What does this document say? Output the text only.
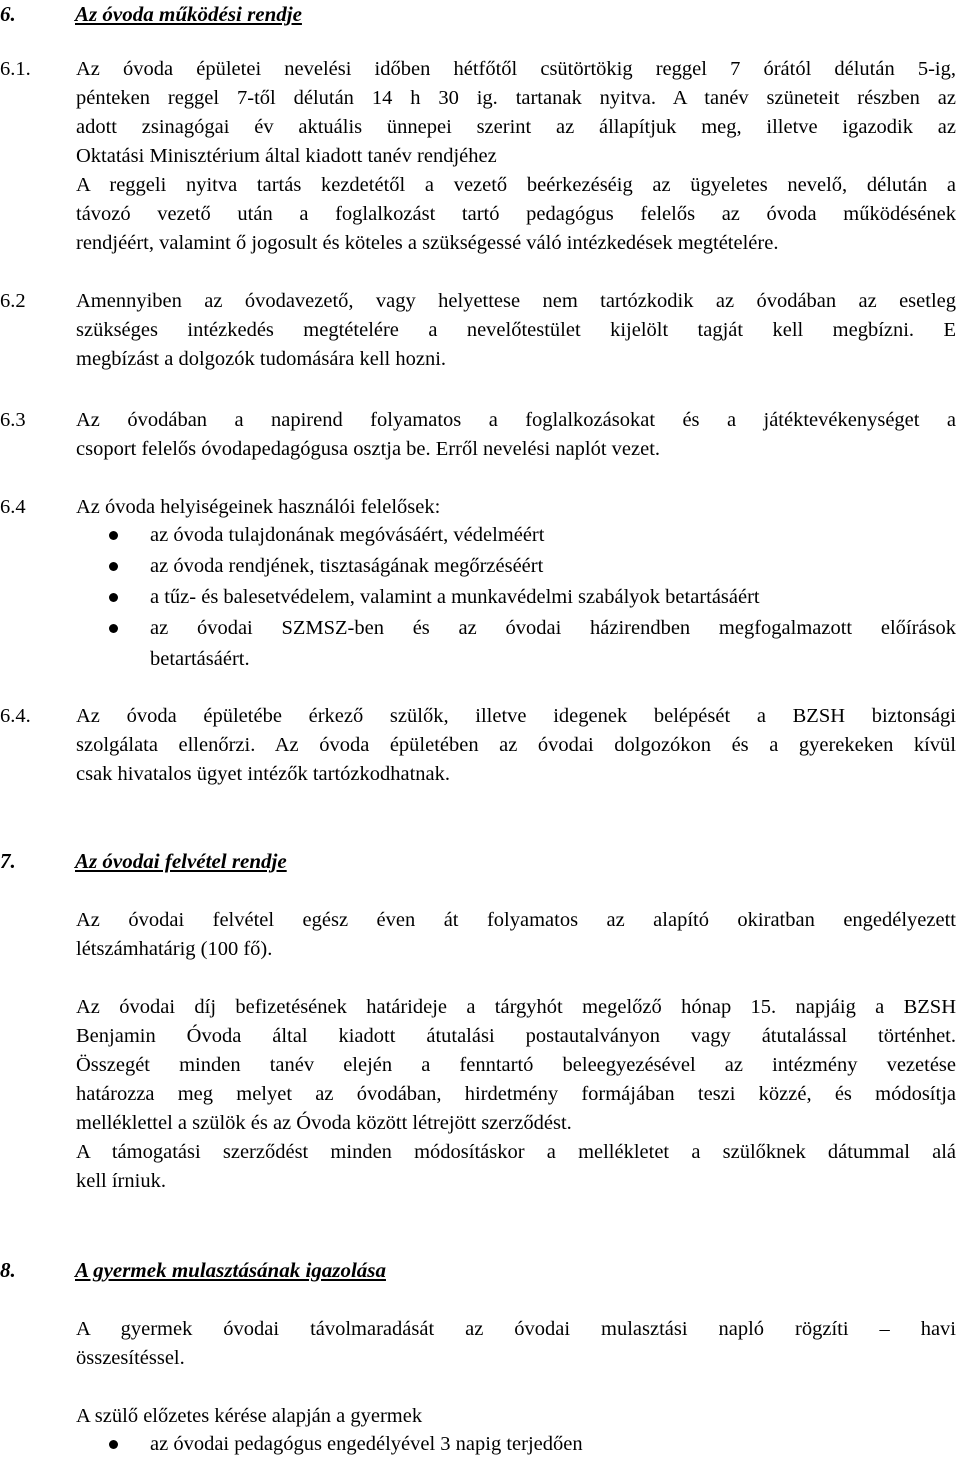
6.	Az óvoda működési rendje
6.1. Az óvoda épületei nevelési időben hétfőtől csütörtökig reggel 7 órától délután 5-ig,
pénteken reggel 7-től délután 14 h 30 ig. tartanak nyitva. A tanév szüneteit részben az
adott zsinagógai év aktuális ünnepei szerint az állapítjuk meg, illetve igazodik az
Oktatási Minisztérium által kiadott tanév rendjéhez
A reggeli nyitva tartás kezdetétől a vezető beérkezéséig az ügyeletes nevelő, délután a
távozó vezető után a foglalkozást tartó pedagógus felelős az óvoda működésének
rendjéért, valamint ő jogosult és köteles a szükségessé váló intézkedések megtételére.
6.2 Amennyiben az óvodavezető, vagy helyettese nem tartózkodik az óvodában az esetleg
szükséges intézkedés megtételére a nevelőtestület kijelölt tagját kell megbízni. E
megbízást a dolgozók tudomására kell hozni.
6.3 Az óvodában a napirend folyamatos a foglalkozásokat és a játéktevékenységet a
csoport felelős óvodapedagógusa osztja be. Erről nevelési naplót vezet.
6.4 Az óvoda helyiségeinek használói felelősek:
az óvoda tulajdonának megóvásáért, védelméért
az óvoda rendjének, tisztaságának megőrzéséért
a tűz- és balesetvédelem, valamint a munkavédelmi szabályok betartásáért
az óvodai SZMSZ-ben és az óvodai házirendben megfogalmazott előírások
betartásáért.
6.4. Az óvoda épületébe érkező szülők, illetve idegenek belépését a BZSH biztonsági
szolgálata ellenőrzi. Az óvoda épületében az óvodai dolgozókon és a gyerekeken kívül
csak hivatalos ügyet intézők tartózkodhatnak.
7.	Az óvodai felvétel rendje
Az óvodai felvétel egész éven át folyamatos az alapító okiratban engedélyezett
létszámhatárig (100 fő).
Az óvodai díj befizetésének határideje a tárgyhót megelőző hónap 15. napjáig a BZSH
Benjamin Óvoda által kiadott átutalási postautalványon vagy átutalással történhet.
Összegét minden tanév elején a fenntartó beleegyezésével az intézmény vezetése
határozza meg melyet az óvodában, hirdetmény formájában teszi közzé, és módosítja
melléklettel a szülök és az Óvoda között létrejött szerződést.
A támogatási szerződést minden módosításkor a mellékletet a szülőknek dátummal alá
kell írniuk.
8.	A gyermek mulasztásának igazolása
A gyermek óvodai távolmaradását az óvodai mulasztási napló rögzíti – havi
összesítéssel.
A szülő előzetes kérése alapján a gyermek
az óvodai pedagógus engedélyével 3 napig terjedően
